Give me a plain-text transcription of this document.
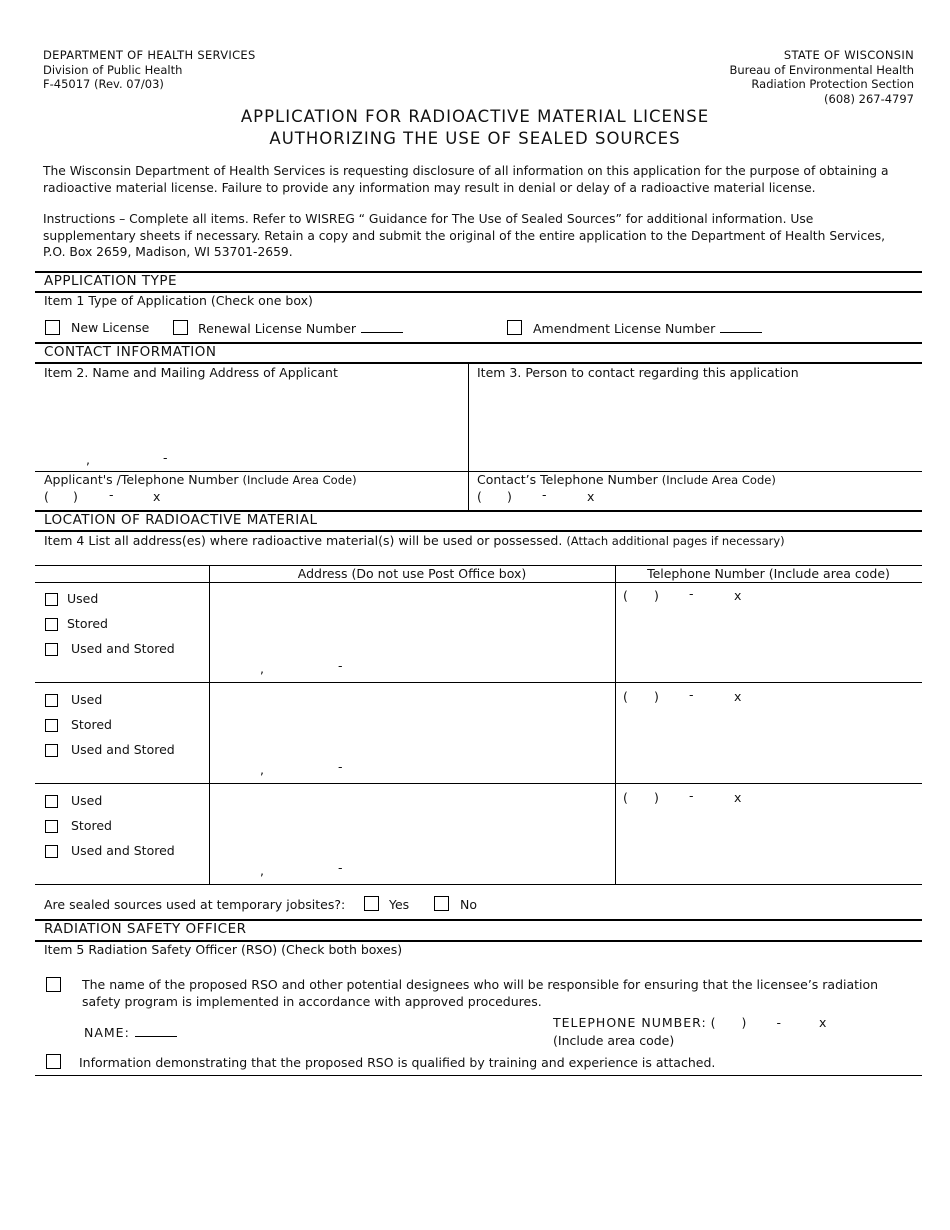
DEPARTMENT OF HEALTH SERVICES
Division of Public Health
F-45017 (Rev. 07/03)
STATE OF WISCONSIN
Bureau of Environmental Health
Radiation Protection Section
(608) 267-4797
APPLICATION FOR RADIOACTIVE MATERIAL LICENSE
AUTHORIZING THE USE OF SEALED SOURCES
The Wisconsin Department of Health Services is requesting disclosure of all information on this application for the purpose of obtaining a radioactive material license. Failure to provide any information may result in denial or delay of a radioactive material license.
Instructions – Complete all items. Refer to WISREG “ Guidance for The Use of Sealed Sources” for additional information. Use supplementary sheets if necessary. Retain a copy and submit the original of the entire application to the Department of Health Services, P.O. Box 2659, Madison, WI 53701-2659.
APPLICATION TYPE
Item 1 Type of Application (Check one box)
New License	Renewal License Number	Amendment License Number
CONTACT INFORMATION
Item 2. Name and Mailing Address of Applicant	Item 3. Person to contact regarding this application
,	-
Applicant's /Telephone Number (Include Area Code)	Contact’s Telephone Number (Include Area Code)
( ) -	x	( ) -	x
LOCATION OF RADIOACTIVE MATERIAL
Item 4 List all address(es) where radioactive material(s) will be used or possessed. (Attach additional pages if necessary)
Address (Do not use Post Office box)	Telephone Number (Include area code)
Used
Stored
Used and Stored
,	-
( ) -	x
Used
Stored
Used and Stored
,	-
( ) -	x
Used
Stored
Used and Stored
,	-
( ) -	x
Are sealed sources used at temporary jobsites?:	Yes	No
RADIATION SAFETY OFFICER
Item 5 Radiation Safety Officer (RSO) (Check both boxes)
The name of the proposed RSO and other potential designees who will be responsible for ensuring that the licensee’s radiation
safety program is implemented in accordance with approved procedures.
NAME:
TELEPHONE NUMBER: ( ) -	x
(Include area code)
Information demonstrating that the proposed RSO is qualified by training and experience is attached.
